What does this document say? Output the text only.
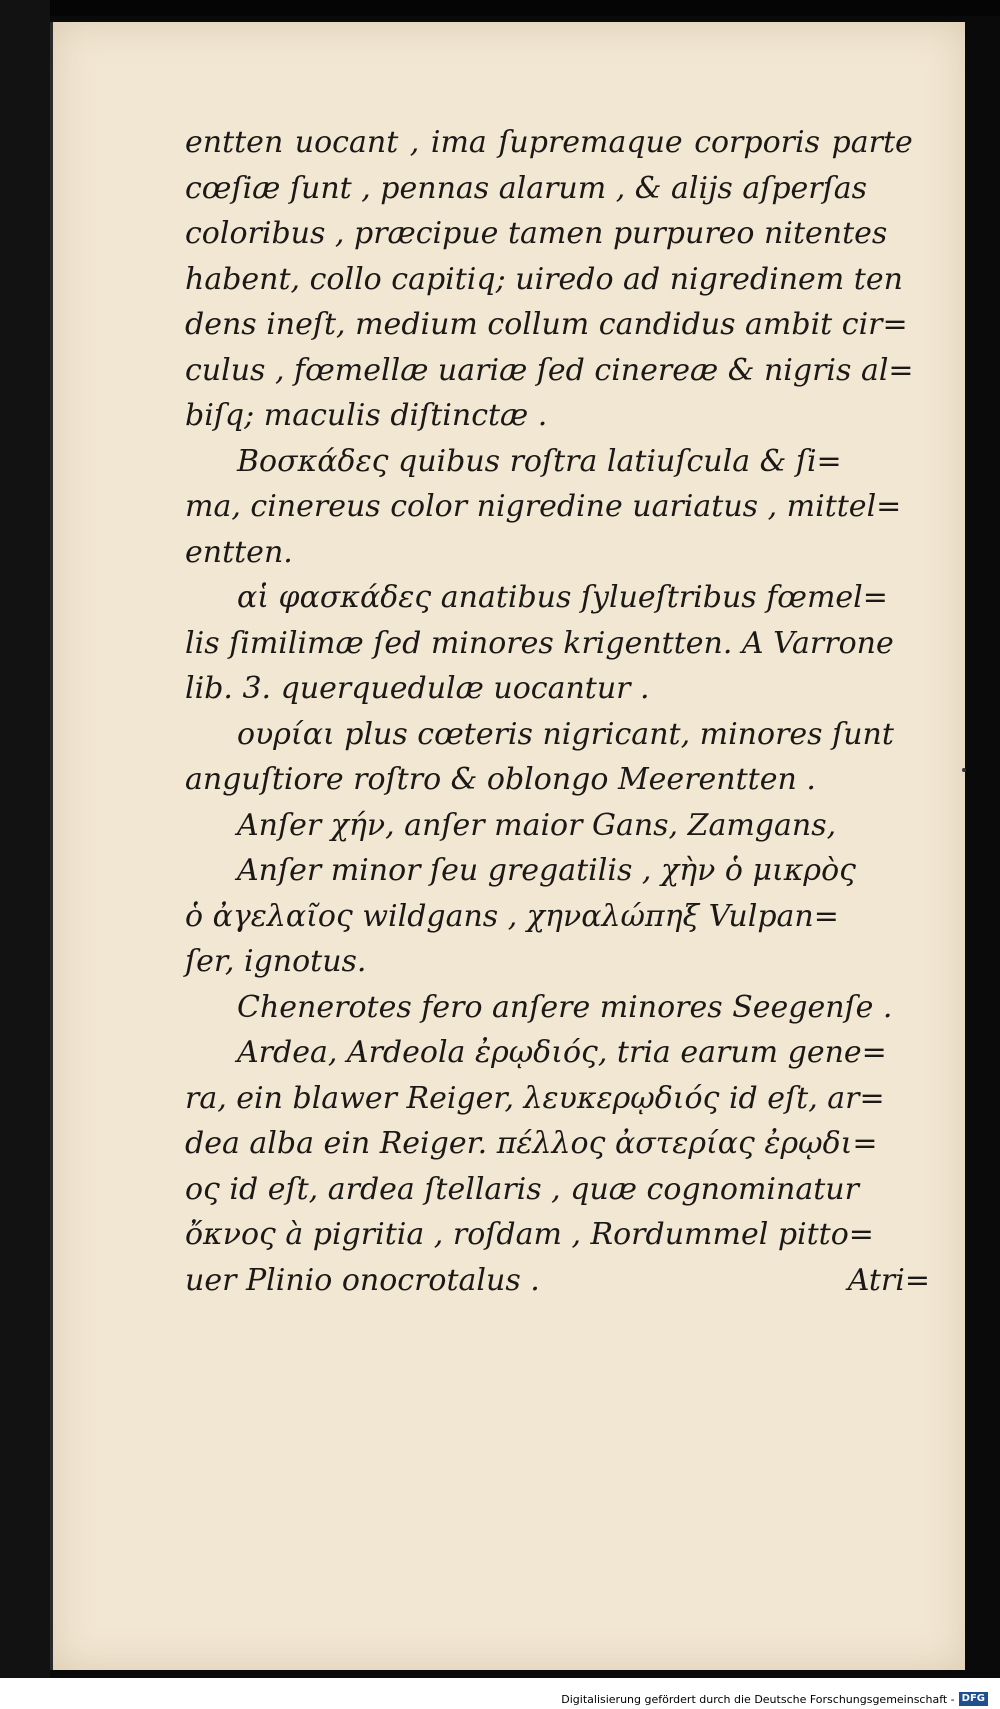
entten uocant , ima ſupremaque corporis parte
cœſiæ ſunt , pennas alarum , & alijs aſperſas
coloribus , præcipue tamen purpureo nitentes
habent, collo capitiq; uiredo ad nigredinem ten
dens ineſt, medium collum candidus ambit cir=
culus , fœmellæ uariæ ſed cinereæ & nigris al=
biſq; maculis diſtinctæ .
Βοσκάδες quibus roſtra latiuſcula & ſi=
ma, cinereus color nigredine uariatus , mittel=
entten.
αἱ φασκάδες anatibus ſylueſtribus fœmel=
lis ſimilimæ ſed minores krigentten. A Varrone
lib. 3. querquedulæ uocantur .
ουρίαι plus cœteris nigricant, minores ſunt
anguſtiore roſtro & oblongo Meerentten .
Anſer χήν, anſer maior Gans, Zamgans,
Anſer minor ſeu gregatilis , χὴν ὁ μικρὸς
ὁ ἀγελαῖος wildgans , χηναλώπηξ Vulpan=
ſer, ignotus.
Chenerotes fero anſere minores Seegenſe .
Ardea, Ardeola ἐρῳδιός, tria earum gene=
ra, ein blawer Reiger, λευκερῳδιός id eſt, ar=
dea alba ein Reiger. πέλλος ἀστερίας ἐρῳδι=
ος id eſt, ardea ſtellaris , quæ cognominatur
ὄκνος à pigritia , roſdam , Rordummel pitto=
uer Plinio onocrotalus .	Atri=
Digitalisierung gefördert durch die Deutsche Forschungsgemeinschaft - DFG
